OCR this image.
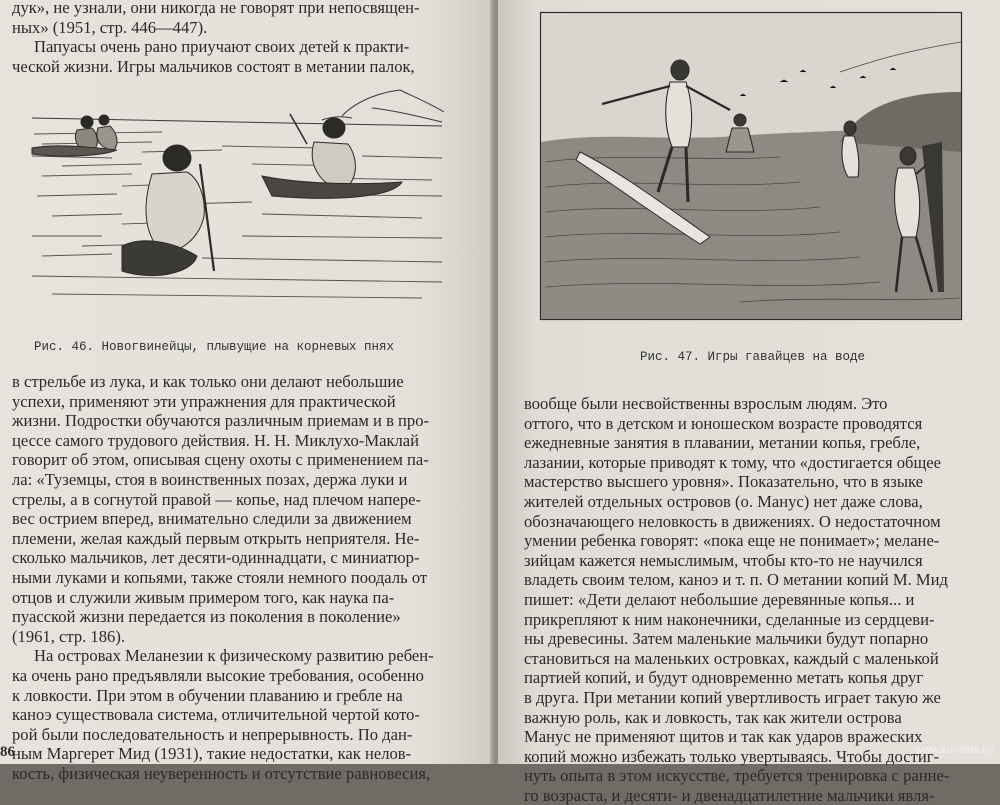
дук», не узнали, они никогда не говорят при непосвящен-
ных» (1951, стр. 446—447).
Папуасы очень рано приучают своих детей к практи-
ческой жизни. Игры мальчиков состоят в метании палок,
Рис. 46. Новогвинейцы, плывущие на корневых пнях
в стрельбе из лука, и как только они делают небольшие
успехи, применяют эти упражнения для практической
жизни. Подростки обучаются различным приемам и в про-
цессе самого трудового действия. Н. Н. Миклухо-Маклай
говорит об этом, описывая сцену охоты с применением па-
ла: «Туземцы, стоя в воинственных позах, держа луки и
стрелы, а в согнутой правой — копье, над плечом напере-
вес острием вперед, внимательно следили за движением
племени, желая каждый первым открыть неприятеля. Не-
сколько мальчиков, лет десяти-одиннадцати, с миниатюр-
ными луками и копьями, также стояли немного поодаль от
отцов и служили живым примером того, как наука па-
пуасской жизни передается из поколения в поколение»
(1961, стр. 186).
На островах Меланезии к физическому развитию ребен-
ка очень рано предъявляли высокие требования, особенно
к ловкости. При этом в обучении плаванию и гребле на
каноэ существовала система, отличительной чертой кото-
рой были последовательность и непрерывность. По дан-
ным Маргерет Мид (1931), такие недостатки, как нелов-
кость, физическая неуверенность и отсутствие равновесия,
86
Рис. 47. Игры гавайцев на воде
вообще были несвойственны взрослым людям. Это
оттого, что в детском и юношеском возрасте проводятся
ежедневные занятия в плавании, метании копья, гребле,
лазании, которые приводят к тому, что «достигается общее
мастерство высшего уровня». Показательно, что в языке
жителей отдельных островов (о. Манус) нет даже слова,
обозначающего неловкость в движениях. О недостаточном
умении ребенка говорят: «пока еще не понимает»; мелане-
зийцам кажется немыслимым, чтобы кто-то не научился
владеть своим телом, каноэ и т. п. О метании копий М. Мид
пишет: «Дети делают небольшие деревянные копья... и
прикрепляют к ним наконечники, сделанные из сердцеви-
ны древесины. Затем маленькие мальчики будут попарно
становиться на маленьких островках, каждый с маленькой
партией копий, и будут одновременно метать копья друг
в друга. При метании копий увертливость играет такую же
важную роль, как и ловкость, так как жители острова
Манус не применяют щитов и так как ударов вражеских
копий можно избежать только увертываясь. Чтобы достиг-
нуть опыта в этом искусстве, требуется тренировка с ранне-
го возраста, и десяти- и двенадцатилетние мальчики явля-
www.kuvalda.by
